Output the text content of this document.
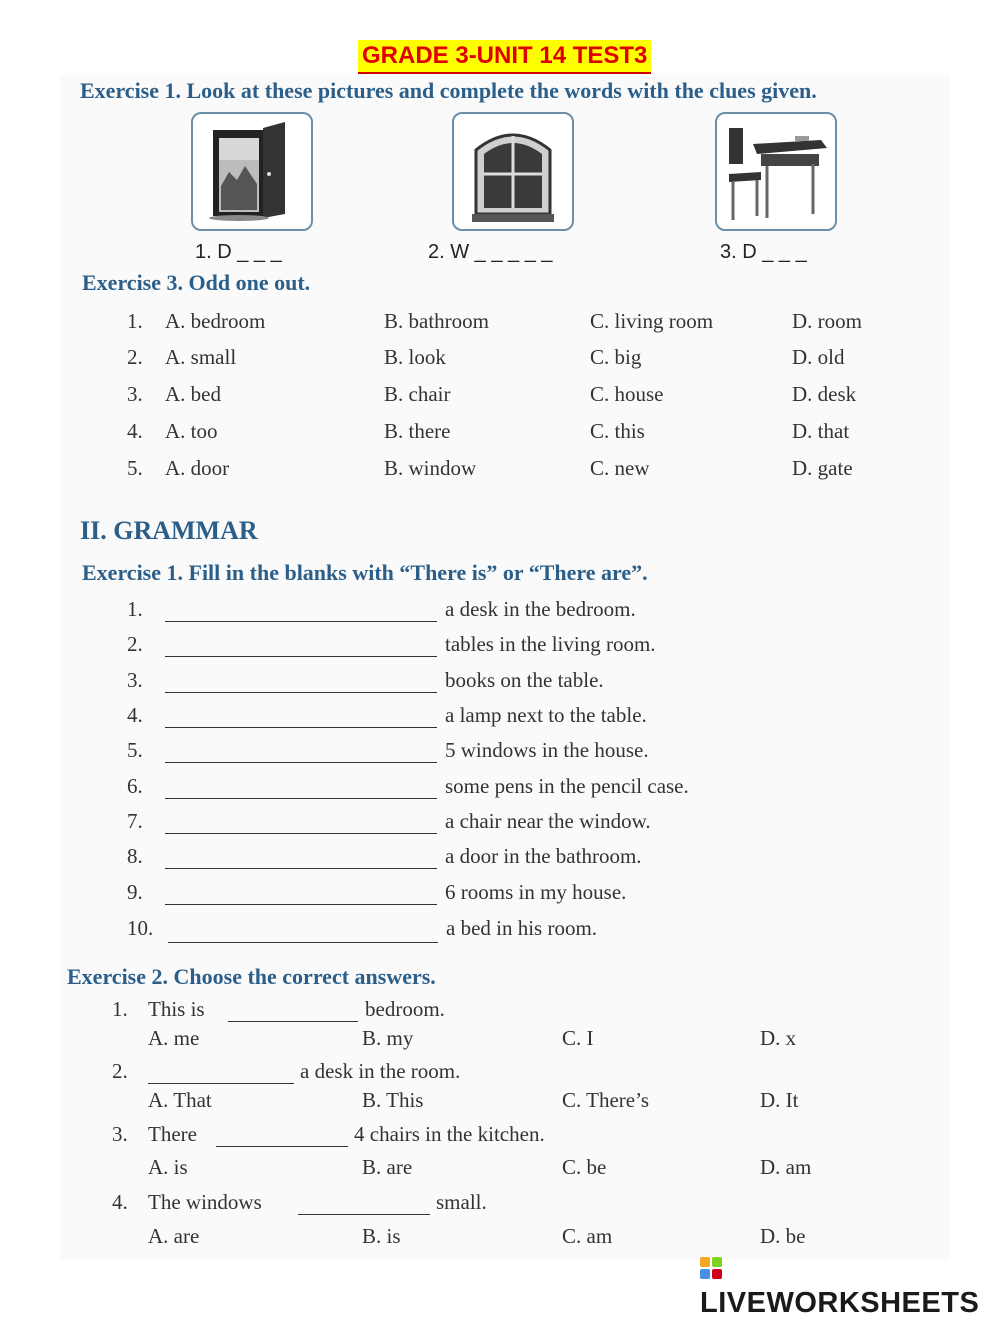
GRADE 3-UNIT 14 TEST3
Exercise 1. Look at these pictures and complete the words with the clues given.
1. D _ _ _	2. W _ _ _ _ _	3. D _ _ _
Exercise 3. Odd one out.
1. A. bedroom	B. bathroom	C. living room	D. room
2. A. small	B. look	C. big	D. old
3. A. bed	B. chair	C. house	D. desk
4. A. too	B. there	C. this	D. that
5. A. door	B. window	C. new	D. gate
II. GRAMMAR
Exercise 1. Fill in the blanks with “There is” or “There are”.
1.	a desk in the bedroom.
2.	tables in the living room.
3.	books on the table.
4.	a lamp next to the table.
5.	5 windows in the house.
6.	some pens in the pencil case.
7.	a chair near the window.
8.	a door in the bathroom.
9.	6 rooms in my house.
10.	a bed in his room.
Exercise 2. Choose the correct answers.
1. This is	bedroom.
A. me	B. my	C. I	D. x
2.	a desk in the room.
A. That	B. This	C. There’s	D. It
3. There	4 chairs in the kitchen.
A. is	B. are	C. be	D. am
4. The windows	small.
A. are	B. is	C. am	D. be
LIVEWORKSHEETS
